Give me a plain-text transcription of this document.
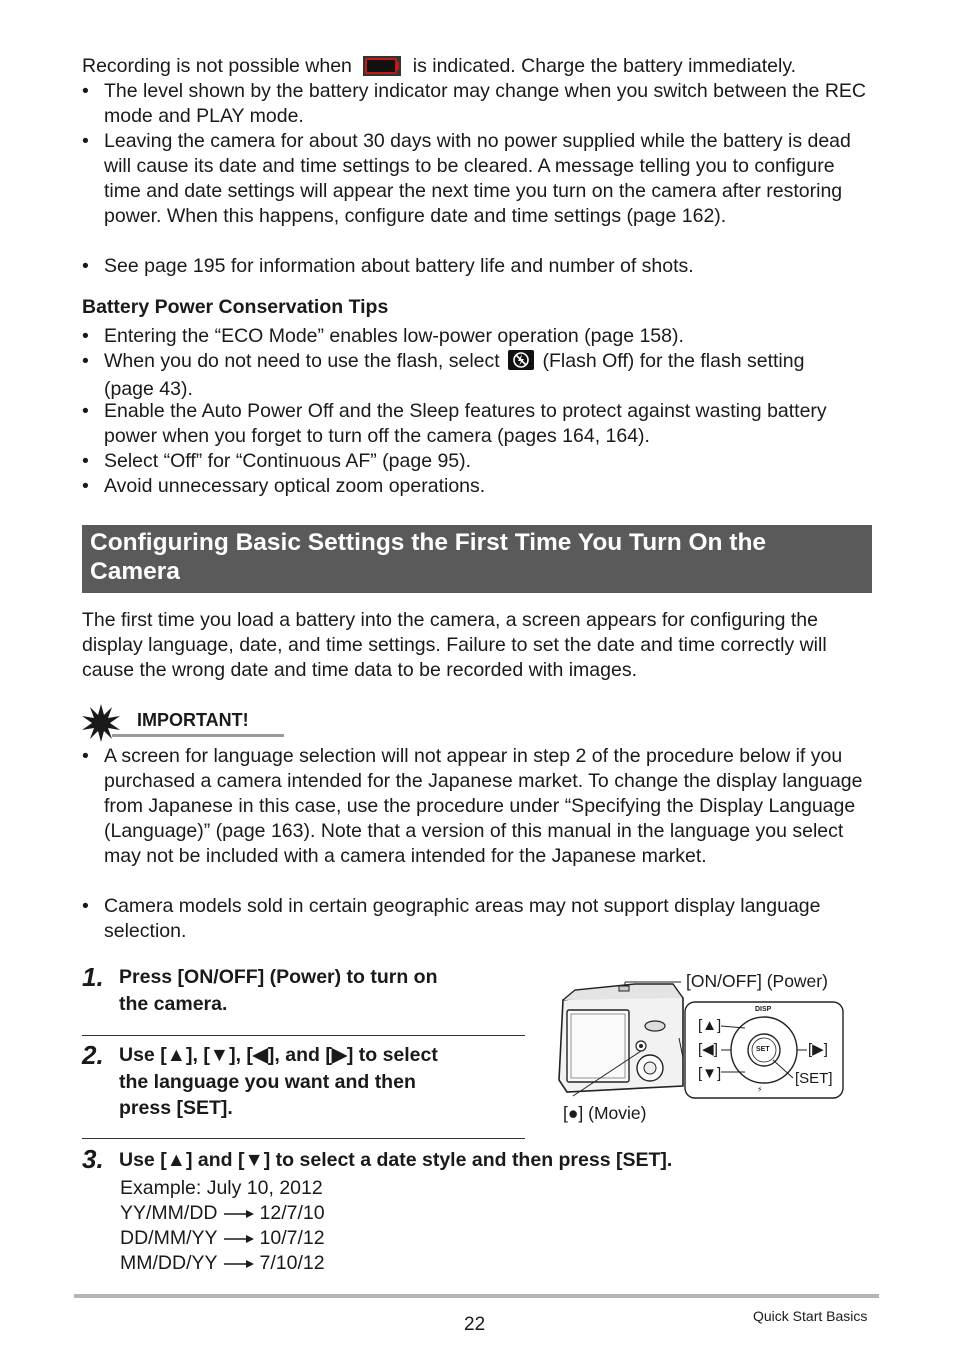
Recording is not possible when	is indicated. Charge the battery immediately.
• The level shown by the battery indicator may change when you switch between the REC mode and PLAY mode.
• Leaving the camera for about 30 days with no power supplied while the battery is dead will cause its date and time settings to be cleared. A message telling you to configure time and date settings will appear the next time you turn on the camera after restoring power. When this happens, configure date and time settings (page 162).
• See page 195 for information about battery life and number of shots.
Battery Power Conservation Tips
• Entering the “ECO Mode” enables low-power operation (page 158).
• When you do not need to use the flash, select (Flash Off) for the flash setting
(page 43).
• Enable the Auto Power Off and the Sleep features to protect against wasting battery power when you forget to turn off the camera (pages 164, 164).
• Select “Off” for “Continuous AF” (page 95).
• Avoid unnecessary optical zoom operations.
Configuring Basic Settings the First Time You Turn On the Camera
The first time you load a battery into the camera, a screen appears for configuring the display language, date, and time settings. Failure to set the date and time correctly will cause the wrong date and time data to be recorded with images.
IMPORTANT!
• A screen for language selection will not appear in step 2 of the procedure below if you purchased a camera intended for the Japanese market. To change the display language from Japanese in this case, use the procedure under “Specifying the Display Language (Language)” (page 163). Note that a version of this manual in the language you select may not be included with a camera intended for the Japanese market.
• Camera models sold in certain geographic areas may not support display language selection.
1. Press [ON/OFF] (Power) to turn on
the camera.
2. Use [▲], [▼], [◀], and [▶] to select
the language you want and then
press [SET].
⚡
DISP
SET
[ON/OFF] (Power)
[▲]
[◀]
[▼]
[▶]
[SET]
[●] (Movie)
3. Use [▲] and [▼] to select a date style and then press [SET].
Example: July 10, 2012
YY/MM/DD 12/7/10
DD/MM/YY 10/7/12
MM/DD/YY 7/10/12
22	Quick Start Basics
